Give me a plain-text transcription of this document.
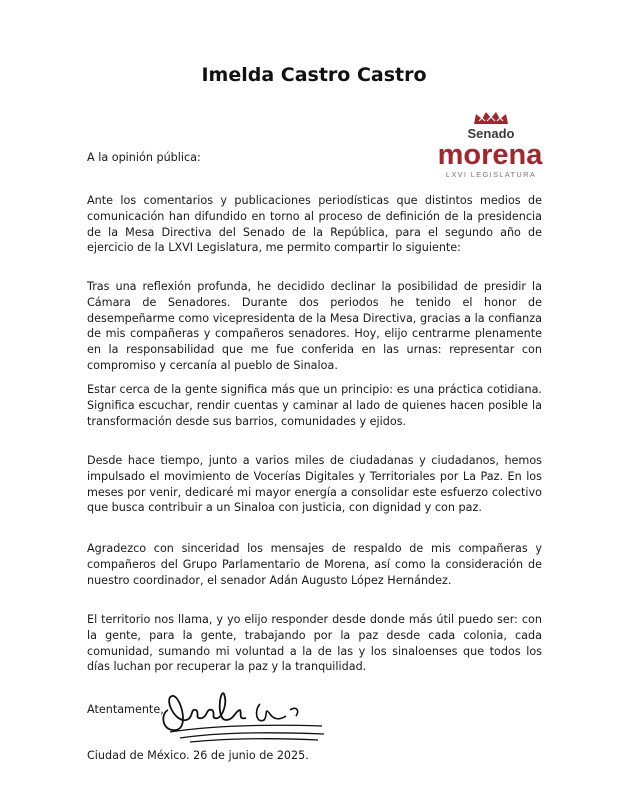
Imelda Castro Castro
Senado
morena
LXVI LEGISLATURA

A la opinión pública:

Ante los comentarios y publicaciones periodísticas que distintos medios de comunicación han difundido en torno al proceso de definición de la presidencia de la Mesa Directiva del Senado de la República, para el segundo año de ejercicio de la LXVI Legislatura, me permito compartir lo siguiente:

Tras una reflexión profunda, he decidido declinar la posibilidad de presidir la Cámara de Senadores. Durante dos periodos he tenido el honor de desempeñarme como vicepresidenta de la Mesa Directiva, gracias a la confianza de mis compañeras y compañeros senadores. Hoy, elijo centrarme plenamente en la responsabilidad que me fue conferida en las urnas: representar con compromiso y cercanía al pueblo de Sinaloa.

Estar cerca de la gente significa más que un principio: es una práctica cotidiana. Significa escuchar, rendir cuentas y caminar al lado de quienes hacen posible la transformación desde sus barrios, comunidades y ejidos.

Desde hace tiempo, junto a varios miles de ciudadanas y ciudadanos, hemos impulsado el movimiento de Vocerías Digitales y Territoriales por La Paz. En los meses por venir, dedicaré mi mayor energía a consolidar este esfuerzo colectivo que busca contribuir a un Sinaloa con justicia, con dignidad y con paz.

Agradezco con sinceridad los mensajes de respaldo de mis compañeras y compañeros del Grupo Parlamentario de Morena, así como la consideración de nuestro coordinador, el senador Adán Augusto López Hernández.

El territorio nos llama, y yo elijo responder desde donde más útil puedo ser: con la gente, para la gente, trabajando por la paz desde cada colonia, cada comunidad, sumando mi voluntad a la de las y los sinaloenses que todos los días luchan por recuperar la paz y la tranquilidad.

Atentamente,
Ciudad de México. 26 de junio de 2025.
